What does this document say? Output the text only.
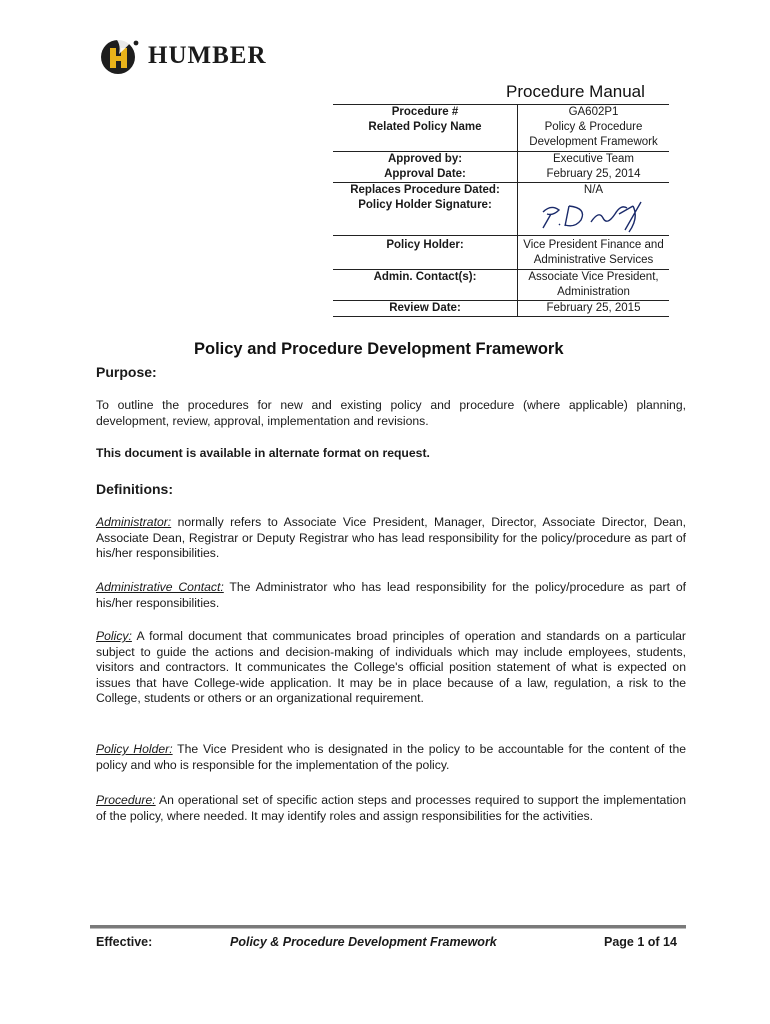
HUMBER
Procedure Manual
Procedure #	GA602P1
Related Policy Name	Policy & Procedure
Development Framework

Approved by:	Executive Team
Approval Date:	February 25, 2014
Replaces Procedure Dated:	N/A
Policy Holder Signature:	

Policy Holder:	Vice President Finance and
Administrative Services

Admin. Contact(s):	Associate Vice President,
Administration

Review Date:	February 25, 2015
Policy and Procedure Development Framework
Purpose:

To outline the procedures for new and existing policy and procedure (where applicable) planning, development, review, approval, implementation and revisions.

This document is available in alternate format on request.

Definitions:

Administrator: normally refers to Associate Vice President, Manager, Director, Associate Director, Dean, Associate Dean, Registrar or Deputy Registrar who has lead responsibility for the policy/procedure as part of his/her responsibilities.

Administrative Contact: The Administrator who has lead responsibility for the policy/procedure as part of his/her responsibilities.

Policy: A formal document that communicates broad principles of operation and standards on a particular subject to guide the actions and decision-making of individuals which may include employees, students, visitors and contractors. It communicates the College's official position statement of what is expected on issues that have College-wide application. It may be in place because of a law, regulation, a risk to the College, students or others or an organizational requirement.

Policy Holder: The Vice President who is designated in the policy to be accountable for the content of the policy and who is responsible for the implementation of the policy.

Procedure: An operational set of specific action steps and processes required to support the implementation of the policy, where needed. It may identify roles and assign responsibilities for the activities.

Effective:	Policy & Procedure Development Framework	Page 1 of 14
